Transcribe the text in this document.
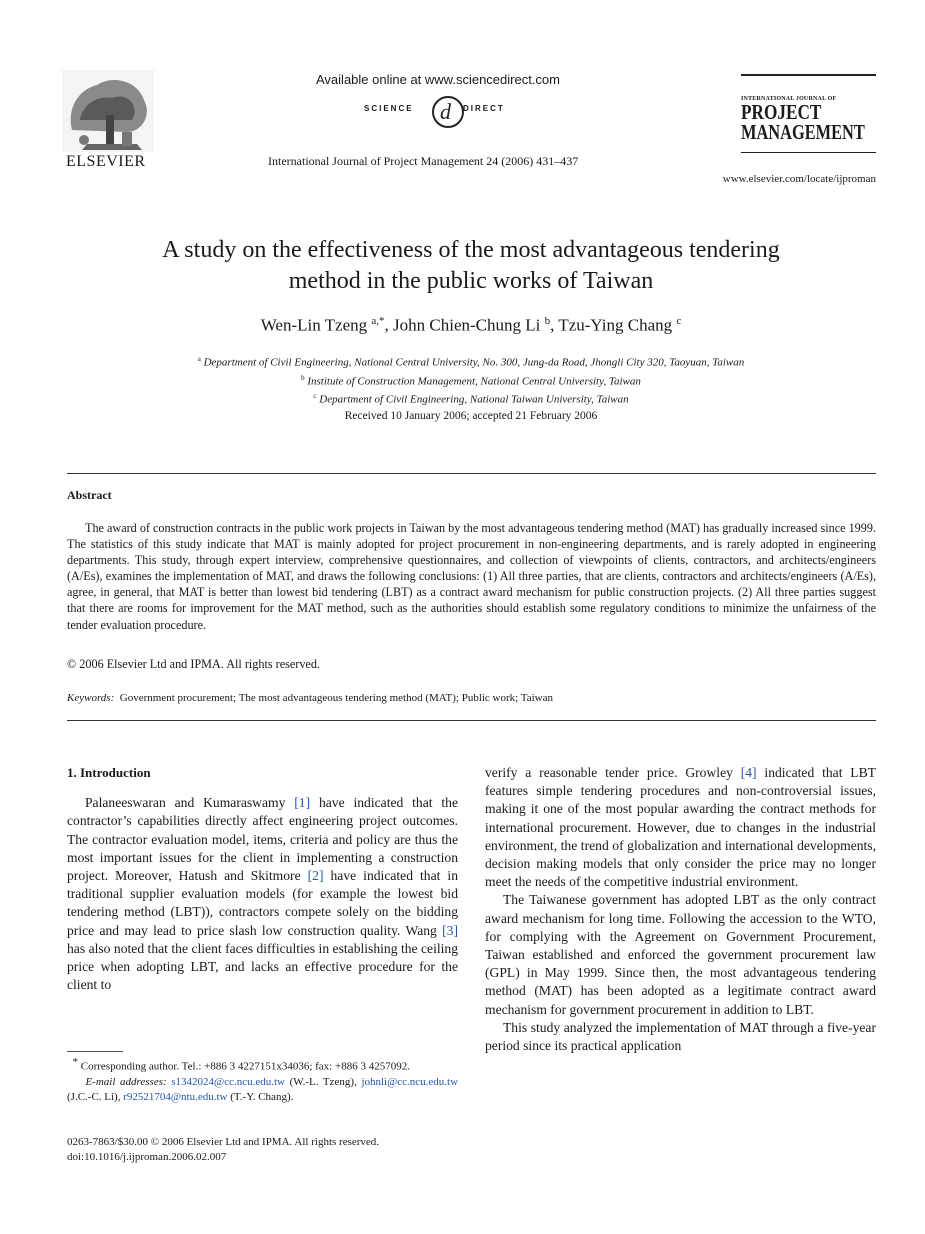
ELSEVIER
Available online at www.sciencedirect.com
d
SCIENCE	DIRECT
International Journal of Project Management 24 (2006) 431–437
INTERNATIONAL JOURNAL OF
PROJECT
MANAGEMENT
www.elsevier.com/locate/ijproman
A study on the effectiveness of the most advantageous tendering
method in the public works of Taiwan
Wen-Lin Tzeng $^{a,*}$, John Chien-Chung Li $^b$, Tzu-Ying Chang $^c$
$^a$ Department of Civil Engineering, National Central University, No. 300, Jung-da Road, Jhongli City 320, Taoyuan, Taiwan
$^b$ Institute of Construction Management, National Central University, Taiwan
$^c$ Department of Civil Engineering, National Taiwan University, Taiwan
Received 10 January 2006; accepted 21 February 2006
Abstract
The award of construction contracts in the public work projects in Taiwan by the most advantageous tendering method (MAT) has gradually increased since 1999. The statistics of this study indicate that MAT is mainly adopted for project procurement in non-engineering departments, and is rarely adopted in engineering departments. This study, through expert interview, comprehensive questionnaires, and collection of viewpoints of clients, contractors, and architects/engineers (A/Es), examines the implementation of MAT, and draws the following conclusions: (1) All three parties, that are clients, contractors and architects/engineers (A/Es), agree, in general, that MAT is better than lowest bid tendering (LBT) as a contract award mechanism for public construction projects. (2) All three parties suggest that there are rooms for improvement for the MAT method, such as the authorities should establish some regulatory conditions to minimize the unfairness of the tender evaluation procedure.
© 2006 Elsevier Ltd and IPMA. All rights reserved.
Keywords: Government procurement; The most advantageous tendering method (MAT); Public work; Taiwan
1. Introduction

Palaneeswaran and Kumaraswamy [1] have indicated that the contractor’s capabilities directly affect engineering project outcomes. The contractor evaluation model, items, criteria and policy are thus the most important issues for the client in implementing a construction project. Moreover, Hatush and Skitmore [2] have indicated that in traditional supplier evaluation models (for example the lowest bid tendering method (LBT)), contractors compete solely on the bidding price and may lead to price slash low construction quality. Wang [3] has also noted that the client faces difficulties in establishing the ceiling price when adopting LBT, and lacks an effective procedure for the client to

verify a reasonable tender price. Growley [4] indicated that LBT features simple tendering procedures and non-controversial issues, making it one of the most popular awarding the contract methods for international procurement. However, due to changes in the industrial environment, the trend of globalization and international developments, decision making models that only consider the price may no longer meet the needs of the competitive industrial environment.

The Taiwanese government has adopted LBT as the only contract award mechanism for long time. Following the accession to the WTO, for complying with the Agreement on Government Procurement, Taiwan established and enforced the government procurement law (GPL) in May 1999. Since then, the most advantageous tendering method (MAT) has been adopted as a legitimate contract award mechanism for government procurement in addition to LBT.

This study analyzed the implementation of MAT through a five-year period since its practical application

* Corresponding author. Tel.: +886 3 4227151x34036; fax: +886 3 4257092.
E-mail addresses: s1342024@cc.ncu.edu.tw (W.-L. Tzeng), johnli@cc.ncu.edu.tw (J.C.-C. Li), r92521704@ntu.edu.tw (T.-Y. Chang).
0263-7863/$30.00 © 2006 Elsevier Ltd and IPMA. All rights reserved.
doi:10.1016/j.ijproman.2006.02.007
